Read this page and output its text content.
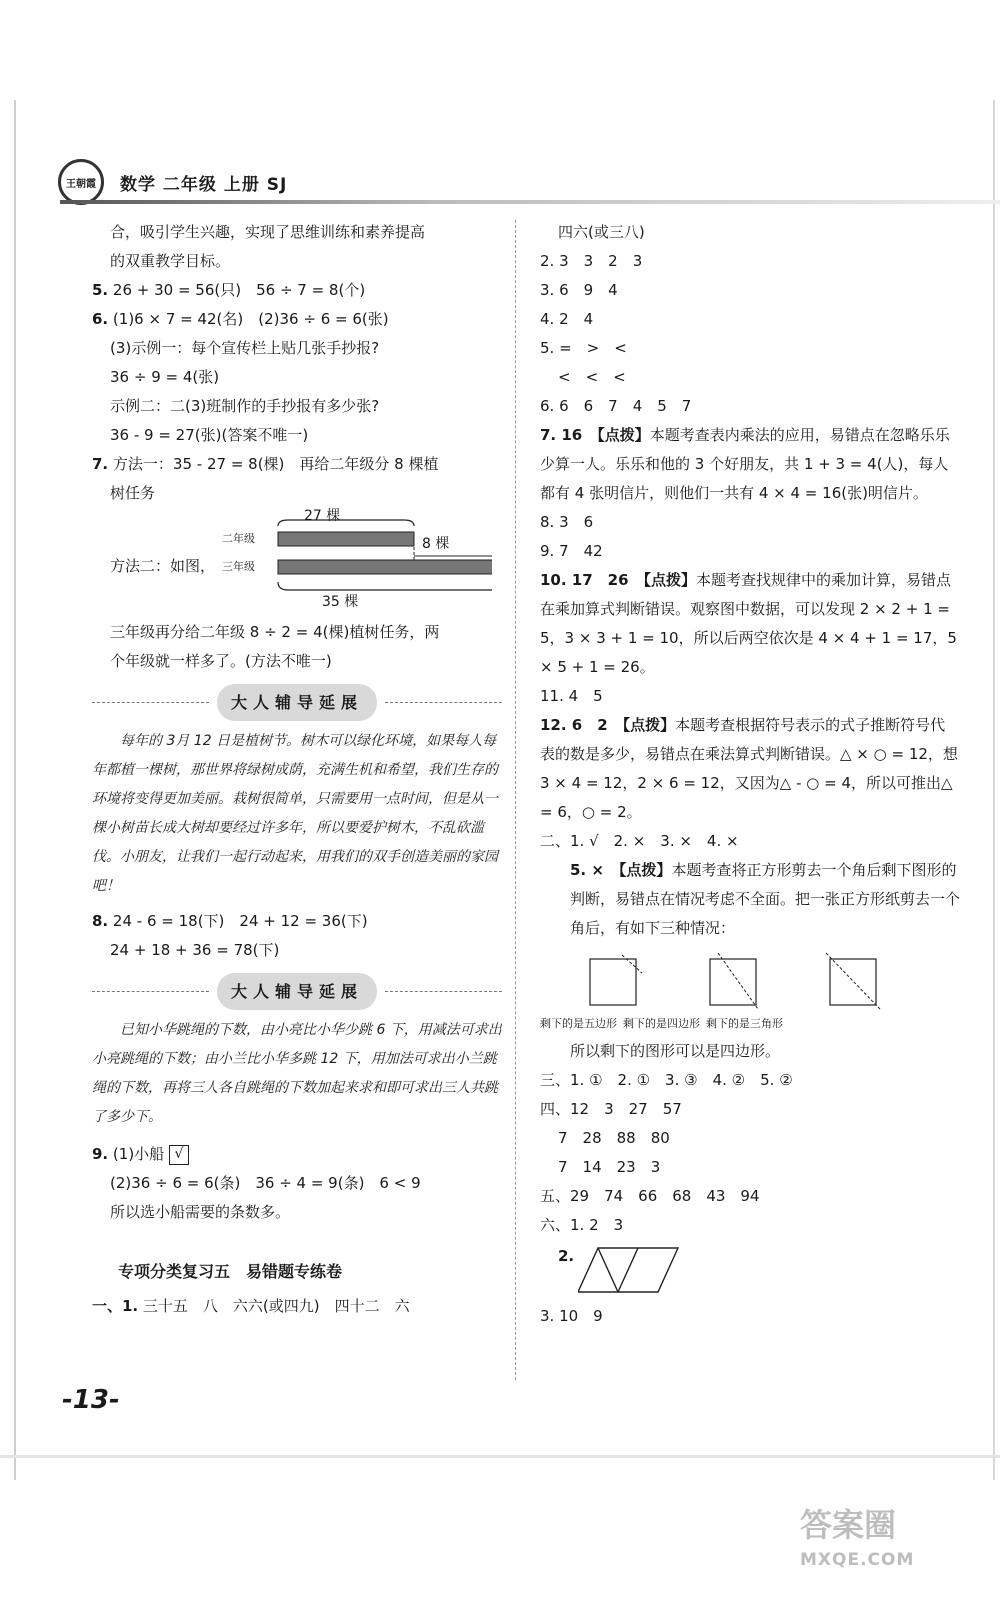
王朝霞 数学 二年级 上册 SJ
合，吸引学生兴趣，实现了思维训练和素养提高
的双重教学目标。
5. 26 + 30 = 56(只)　56 ÷ 7 = 8(个)
6. (1)6 × 7 = 42(名)　(2)36 ÷ 6 = 6(张)
(3)示例一：每个宣传栏上贴几张手抄报?
36 ÷ 9 = 4(张)
示例二：二(3)班制作的手抄报有多少张?
36 - 9 = 27(张)(答案不唯一)
7. 方法一：35 - 27 = 8(棵)　再给二年级分 8 棵植
树任务
方法二：如图，
27 棵
二年级
三年级
8 棵
35 棵
三年级再分给二年级 8 ÷ 2 = 4(棵)植树任务，两
个年级就一样多了。(方法不唯一)
大人辅导延展
每年的 3月 12 日是植树节。树木可以绿化环境，如果每人每年都植一棵树，那世界将绿树成荫，充满生机和希望，我们生存的环境将变得更加美丽。栽树很简单，只需要用一点时间，但是从一棵小树苗长成大树却要经过许多年，所以要爱护树木，不乱砍滥伐。小朋友，让我们一起行动起来，用我们的双手创造美丽的家园吧！
8. 24 - 6 = 18(下)　24 + 12 = 36(下)
24 + 18 + 36 = 78(下)
大人辅导延展
已知小华跳绳的下数，由小亮比小华少跳 6 下，用减法可求出小亮跳绳的下数；由小兰比小华多跳 12 下，用加法可求出小兰跳绳的下数，再将三人各自跳绳的下数加起来求和即可求出三人共跳了多少下。
9. (1)小船 √
(2)36 ÷ 6 = 6(条)　36 ÷ 4 = 9(条)　6 < 9
所以选小船需要的条数多。
专项分类复习五　易错题专练卷
一、1. 三十五　八　六六(或四九)　四十二　六
四六(或三八)
2. 3　3　2　3
3. 6　9　4
4. 2　4
5. =　>　<
<　<　<
6. 6　6　7　4　5　7
7. 16　【点拨】本题考查表内乘法的应用，易错点在忽略乐乐少算一人。乐乐和他的 3 个好朋友，共 1 + 3 = 4(人)，每人都有 4 张明信片，则他们一共有 4 × 4 = 16(张)明信片。
8. 3　6
9. 7　42
10. 17　26　【点拨】本题考查找规律中的乘加计算，易错点在乘加算式判断错误。观察图中数据，可以发现 2 × 2 + 1 = 5，3 × 3 + 1 = 10，所以后两空依次是 4 × 4 + 1 = 17，5 × 5 + 1 = 26。
11. 4　5
12. 6　2　【点拨】本题考查根据符号表示的式子推断符号代表的数是多少，易错点在乘法算式判断错误。△ × ○ = 12，想 3 × 4 = 12，2 × 6 = 12，又因为△ - ○ = 4，所以可推出△ = 6，○ = 2。
二、1. √　2. ×　3. ×　4. ×
5. ×　【点拨】本题考查将正方形剪去一个角后剩下图形的判断，易错点在情况考虑不全面。把一张正方形纸剪去一个角后，有如下三种情况：
剩下的是五边形 剩下的是四边形 剩下的是三角形
所以剩下的图形可以是四边形。
三、1. ①　2. ①　3. ③　4. ②　5. ②
四、12　3　27　57
7　28　88　80
7　14　23　3
五、29　74　66　68　43　94
六、1. 2　3
2.
3. 10　9
-13-
答案圈
MXQE.COM
